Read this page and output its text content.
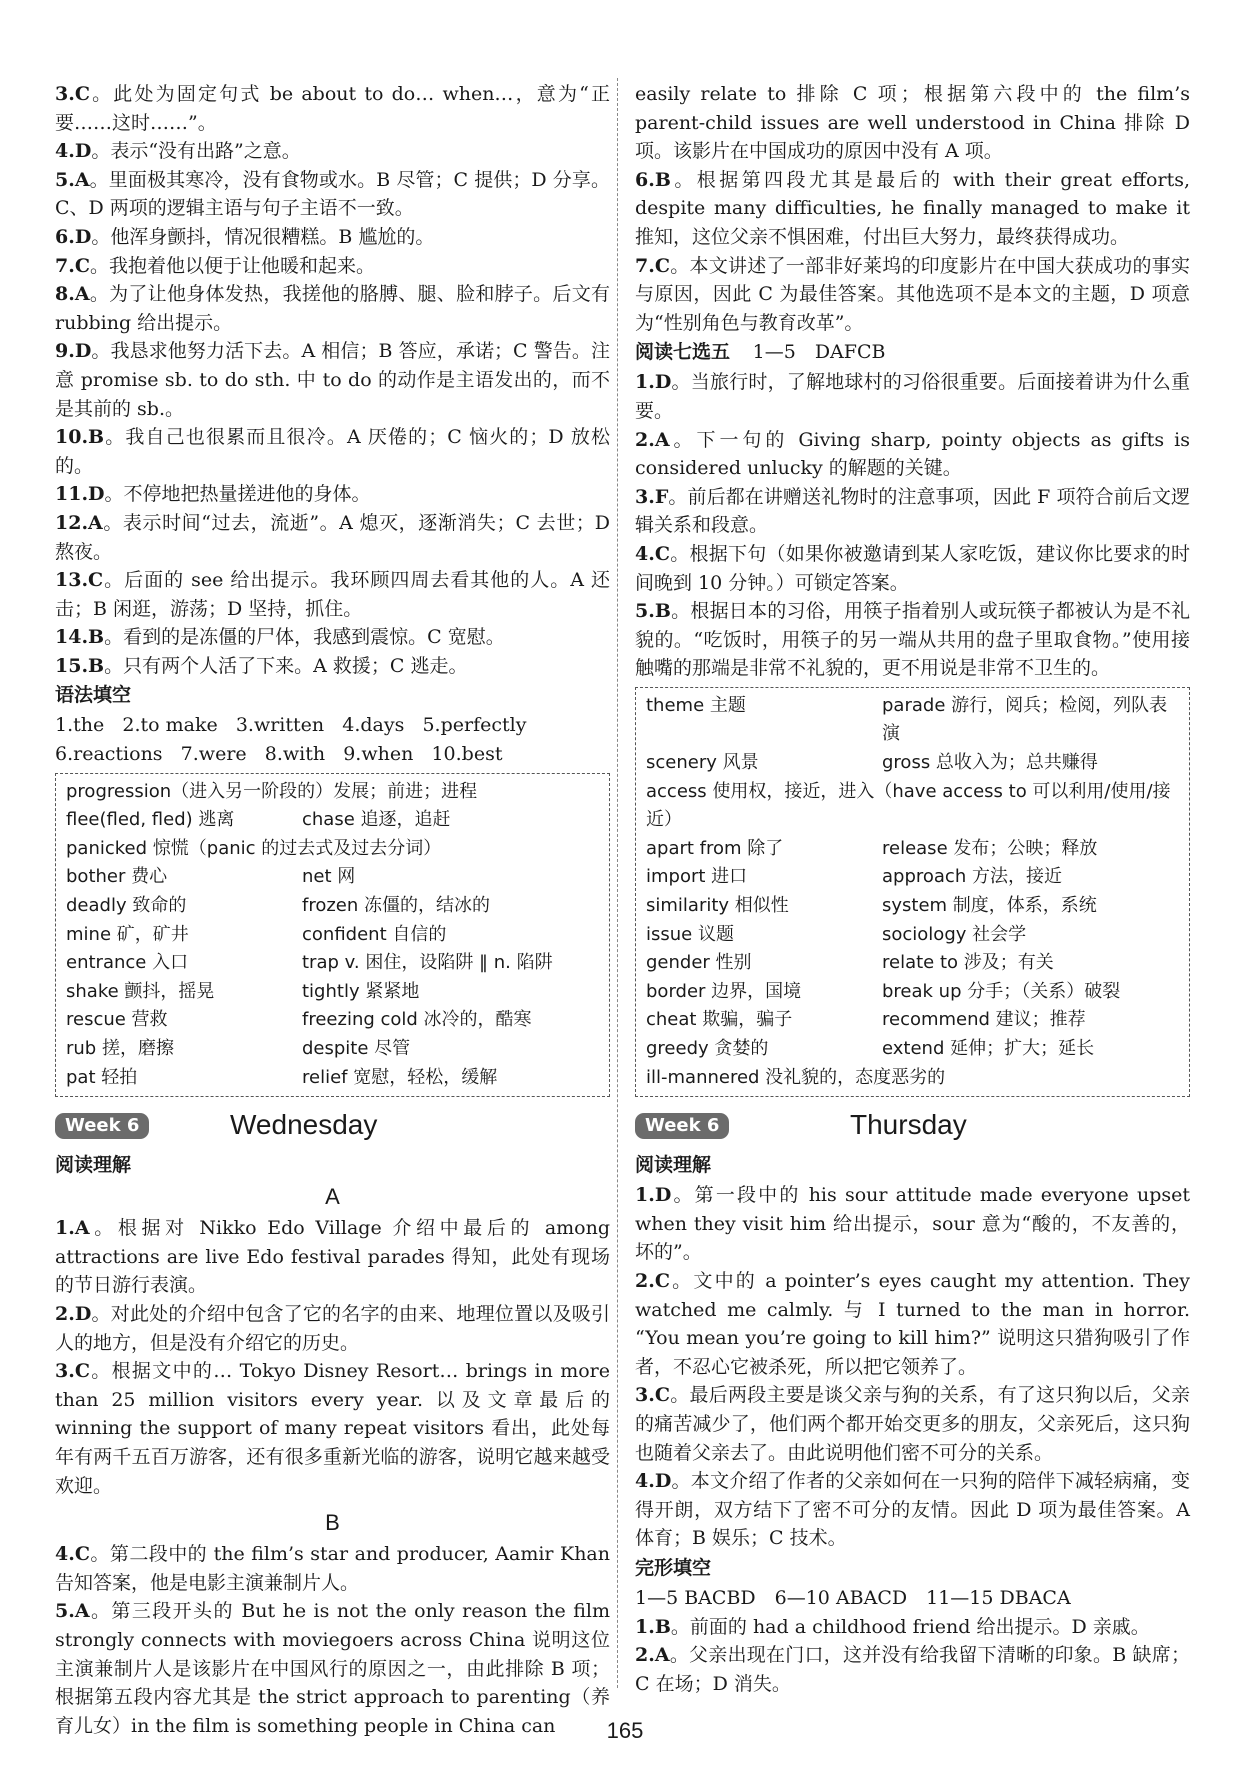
3.C。此处为固定句式 be about to do… when…，意为“正要……这时……”。

4.D。表示“没有出路”之意。

5.A。里面极其寒冷，没有食物或水。B 尽管；C 提供；D 分享。C、D 两项的逻辑主语与句子主语不一致。

6.D。他浑身颤抖，情况很糟糕。B 尴尬的。

7.C。我抱着他以便于让他暖和起来。

8.A。为了让他身体发热，我搓他的胳膊、腿、脸和脖子。后文有 rubbing 给出提示。

9.D。我恳求他努力活下去。A 相信；B 答应，承诺；C 警告。注意 promise sb. to do sth. 中 to do 的动作是主语发出的，而不是其前的 sb.。

10.B。我自己也很累而且很冷。A 厌倦的；C 恼火的；D 放松的。

11.D。不停地把热量搓进他的身体。

12.A。表示时间“过去，流逝”。A 熄灭，逐渐消失；C 去世；D 熬夜。

13.C。后面的 see 给出提示。我环顾四周去看其他的人。A 还击；B 闲逛，游荡；D 坚持，抓住。

14.B。看到的是冻僵的尸体，我感到震惊。C 宽慰。

15.B。只有两个人活了下来。A 救援；C 逃走。

语法填空

1.the   2.to make   3.written   4.days   5.perfectly

6.reactions   7.were   8.with   9.when   10.best

progression（进入另一阶段的）发展；前进；进程
flee(fled, fled) 逃离	chase 追逐，追赶
panicked 惊慌（panic 的过去式及过去分词）
bother 费心	net 网
deadly 致命的	frozen 冻僵的，结冰的
mine 矿，矿井	confident 自信的
entrance 入口	trap v. 困住，设陷阱 ‖ n. 陷阱
shake 颤抖，摇晃	tightly 紧紧地
rescue 营救	freezing cold 冰冷的，酷寒
rub 搓，磨擦	despite 尽管
pat 轻拍	relief 宽慰，轻松，缓解
Week 6	Wednesday
阅读理解
A

1.A。根据对 Nikko Edo Village 介绍中最后的 among attractions are live Edo festival parades 得知，此处有现场的节日游行表演。

2.D。对此处的介绍中包含了它的名字的由来、地理位置以及吸引人的地方，但是没有介绍它的历史。

3.C。根据文中的… Tokyo Disney Resort… brings in more than 25 million visitors every year. 以及文章最后的 winning the support of many repeat visitors 看出，此处每年有两千五百万游客，还有很多重新光临的游客，说明它越来越受欢迎。

B

4.C。第二段中的 the film’s star and producer, Aamir Khan 告知答案，他是电影主演兼制片人。

5.A。第三段开头的 But he is not the only reason the film strongly connects with moviegoers across China 说明这位主演兼制片人是该影片在中国风行的原因之一，由此排除 B 项；根据第五段内容尤其是 the strict approach to parenting（养育儿女）in the film is something people in China can

easily relate to 排除 C 项；根据第六段中的 the film’s parent-child issues are well understood in China 排除 D 项。该影片在中国成功的原因中没有 A 项。

6.B。根据第四段尤其是最后的 with their great efforts, despite many difficulties, he finally managed to make it 推知，这位父亲不惧困难，付出巨大努力，最终获得成功。

7.C。本文讲述了一部非好莱坞的印度影片在中国大获成功的事实与原因，因此 C 为最佳答案。其他选项不是本文的主题，D 项意为“性别角色与教育改革”。

阅读七选五 1—5　DAFCB

1.D。当旅行时，了解地球村的习俗很重要。后面接着讲为什么重要。

2.A。下一句的 Giving sharp, pointy objects as gifts is considered unlucky 的解题的关键。

3.F。前后都在讲赠送礼物时的注意事项，因此 F 项符合前后文逻辑关系和段意。

4.C。根据下句（如果你被邀请到某人家吃饭，建议你比要求的时间晚到 10 分钟。）可锁定答案。

5.B。根据日本的习俗，用筷子指着别人或玩筷子都被认为是不礼貌的。“吃饭时，用筷子的另一端从共用的盘子里取食物。”使用接触嘴的那端是非常不礼貌的，更不用说是非常不卫生的。

theme 主题	parade 游行，阅兵；检阅，列队表演
scenery 风景	gross 总收入为；总共赚得
access 使用权，接近，进入（have access to 可以利用/使用/接近）
apart from 除了	release 发布；公映；释放
import 进口	approach 方法，接近
similarity 相似性	system 制度，体系，系统
issue 议题	sociology 社会学
gender 性别	relate to 涉及；有关
border 边界，国境	break up 分手；（关系）破裂
cheat 欺骗，骗子	recommend 建议；推荐
greedy 贪婪的	extend 延伸；扩大；延长
ill-mannered 没礼貌的，态度恶劣的
Week 6	Thursday
阅读理解

1.D。第一段中的 his sour attitude made everyone upset when they visit him 给出提示，sour 意为“酸的，不友善的，坏的”。

2.C。文中的 a pointer’s eyes caught my attention. They watched me calmly. 与 I turned to the man in horror. “You mean you’re going to kill him?” 说明这只猎狗吸引了作者，不忍心它被杀死，所以把它领养了。

3.C。最后两段主要是谈父亲与狗的关系，有了这只狗以后，父亲的痛苦减少了，他们两个都开始交更多的朋友，父亲死后，这只狗也随着父亲去了。由此说明他们密不可分的关系。

4.D。本文介绍了作者的父亲如何在一只狗的陪伴下减轻病痛，变得开朗，双方结下了密不可分的友情。因此 D 项为最佳答案。A 体育；B 娱乐；C 技术。

完形填空

1—5 BACBD　6—10 ABACD　11—15 DBACA

1.B。前面的 had a childhood friend 给出提示。D 亲戚。

2.A。父亲出现在门口，这并没有给我留下清晰的印象。B 缺席；C 在场；D 消失。

165
